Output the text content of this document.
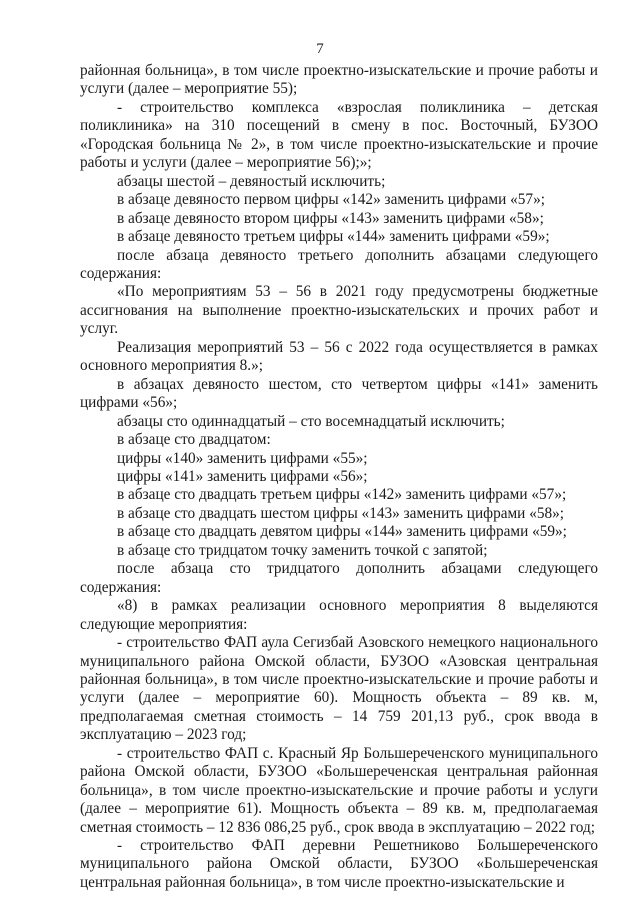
7

районная больница», в том числе проектно-изыскательские и прочие работы и услуги (далее – мероприятие 55);

- строительство комплекса «взрослая поликлиника – детская поликлиника» на 310 посещений в смену в пос. Восточный, БУЗОО «Городская больница № 2», в том числе проектно-изыскательские и прочие работы и услуги (далее – мероприятие 56);»;

абзацы шестой – девяностый исключить;

в абзаце девяносто первом цифры «142» заменить цифрами «57»;

в абзаце девяносто втором цифры «143» заменить цифрами «58»;

в абзаце девяносто третьем цифры «144» заменить цифрами «59»;

после абзаца девяносто третьего дополнить абзацами следующего содержания:

«По мероприятиям 53 – 56 в 2021 году предусмотрены бюджетные ассигнования на выполнение проектно-изыскательских и прочих работ и услуг.

Реализация мероприятий 53 – 56 с 2022 года осуществляется в рамках основного мероприятия 8.»;

в абзацах девяносто шестом, сто четвертом цифры «141» заменить цифрами «56»;

абзацы сто одиннадцатый – сто восемнадцатый исключить;

в абзаце сто двадцатом:

цифры «140» заменить цифрами «55»;

цифры «141» заменить цифрами «56»;

в абзаце сто двадцать третьем цифры «142» заменить цифрами «57»;

в абзаце сто двадцать шестом цифры «143» заменить цифрами «58»;

в абзаце сто двадцать девятом цифры «144» заменить цифрами «59»;

в абзаце сто тридцатом точку заменить точкой с запятой;

после абзаца сто тридцатого дополнить абзацами следующего содержания:

«8) в рамках реализации основного мероприятия 8 выделяются следующие мероприятия:

- строительство ФАП аула Сегизбай Азовского немецкого национального муниципального района Омской области, БУЗОО «Азовская центральная районная больница», в том числе проектно-изыскательские и прочие работы и услуги (далее – мероприятие 60). Мощность объекта – 89 кв. м, предполагаемая сметная стоимость – 14 759 201,13 руб., срок ввода в эксплуатацию – 2023 год;

- строительство ФАП с. Красный Яр Большереченского муниципального района Омской области, БУЗОО «Большереченская центральная районная больница», в том числе проектно-изыскательские и прочие работы и услуги (далее – мероприятие 61). Мощность объекта – 89 кв. м, предполагаемая сметная стоимость – 12 836 086,25 руб., срок ввода в эксплуатацию – 2022 год;

- строительство ФАП деревни Решетниково Большереченского муниципального района Омской области, БУЗОО «Большереченская центральная районная больница», в том числе проектно-изыскательские и
